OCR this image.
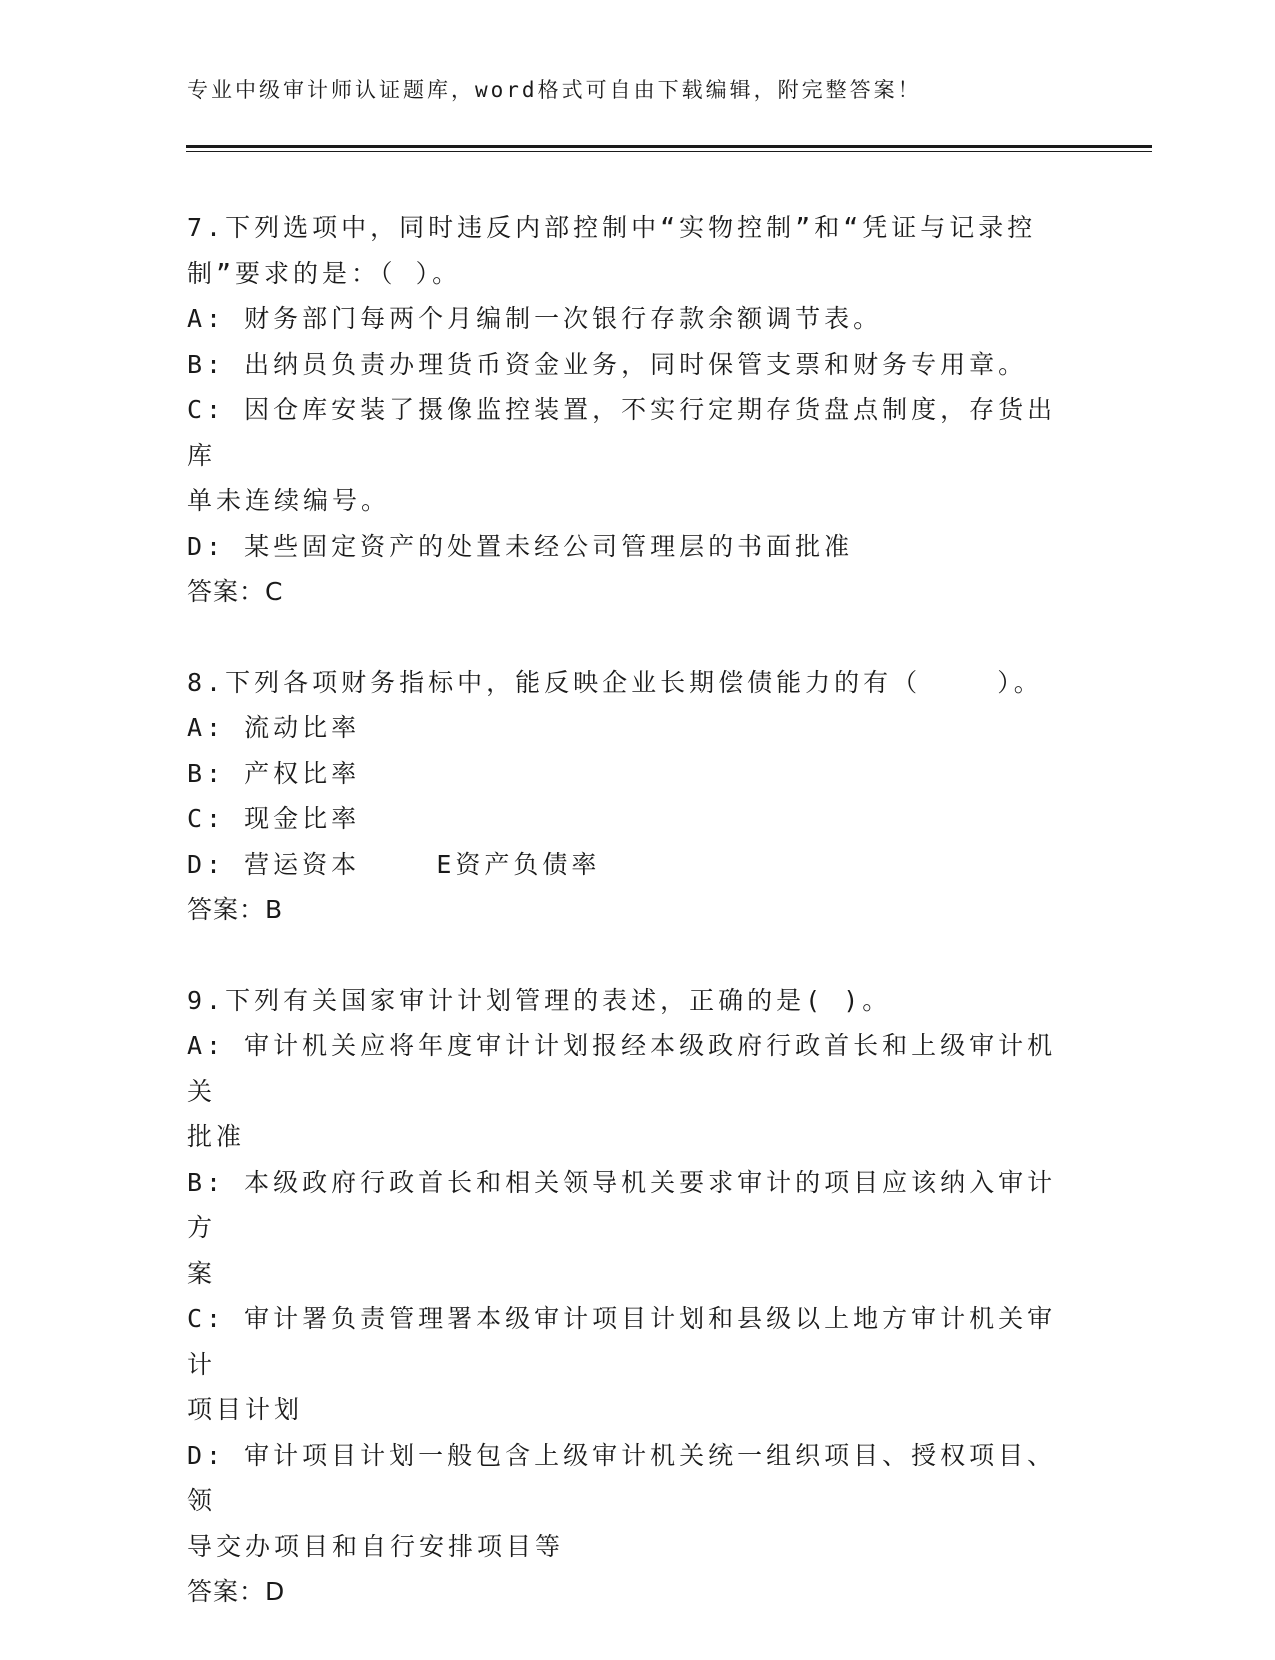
专业中级审计师认证题库，word格式可自由下载编辑，附完整答案！
7.下列选项中，同时违反内部控制中“实物控制”和“凭证与记录控
制”要求的是：（ ）。
A: 财务部门每两个月编制一次银行存款余额调节表。
B: 出纳员负责办理货币资金业务，同时保管支票和财务专用章。
C: 因仓库安装了摄像监控装置，不实行定期存货盘点制度，存货出库
单未连续编号。
D: 某些固定资产的处置未经公司管理层的书面批准
答案：C
8.下列各项财务指标中，能反映企业长期偿债能力的有（    ）。
A: 流动比率
B: 产权比率
C: 现金比率
D: 营运资本    E资产负债率
答案：B
9.下列有关国家审计计划管理的表述，正确的是( )。
A: 审计机关应将年度审计计划报经本级政府行政首长和上级审计机关
批准
B: 本级政府行政首长和相关领导机关要求审计的项目应该纳入审计方
案
C: 审计署负责管理署本级审计项目计划和县级以上地方审计机关审计
项目计划
D: 审计项目计划一般包含上级审计机关统一组织项目、授权项目、领
导交办项目和自行安排项目等
答案：D
